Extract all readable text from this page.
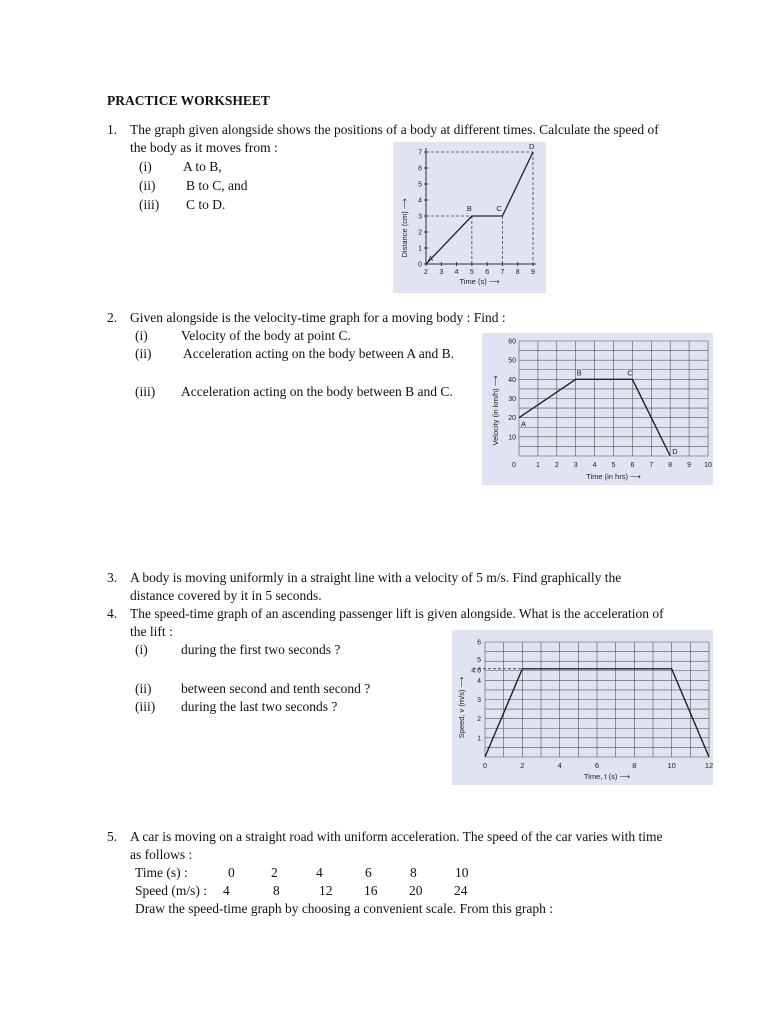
PRACTICE WORKSHEET
1. The graph given alongside shows the positions of a body at different times. Calculate the speed of
the body as it moves from :
(i) A to B,
(ii) B to C, and
(iii) C to D.
0
1
2
3
4
5
6
7
2 3 4 5 6 7 8 9
A
B	C
D
Time (s) ⟶
Distance (cm) ⟶
2. Given alongside is the velocity-time graph for a moving body : Find :
(i) Velocity of the body at point C.
(ii) Acceleration acting on the body between A and B.
(iii) Acceleration acting on the body between B and C.
10
20
30
40
50
60
0	1 2 3 4 5 6 7 8 9 10
A
B	C
D
Time (in hrs) ⟶
Velocity (in km/h) ⟶
3. A body is moving uniformly in a straight line with a velocity of 5 m/s. Find graphically the
distance covered by it in 5 seconds.
4. The speed-time graph of an ascending passenger lift is given alongside. What is the acceleration of
the lift :
(i) during the first two seconds ?
(ii) between second and tenth second ?
(iii) during the last two seconds ?
1
2
3
4
4.6
5
6
0	2	4	6	8	10	12
Time, t (s) ⟶
Speed, v (m/s) ⟶
5. A car is moving on a straight road with uniform acceleration. The speed of the car varies with time
as follows :
Time (s) :	0	2	4	6	8	10
Speed (m/s) : 4	8	12 16 20 24
Draw the speed-time graph by choosing a convenient scale. From this graph :
